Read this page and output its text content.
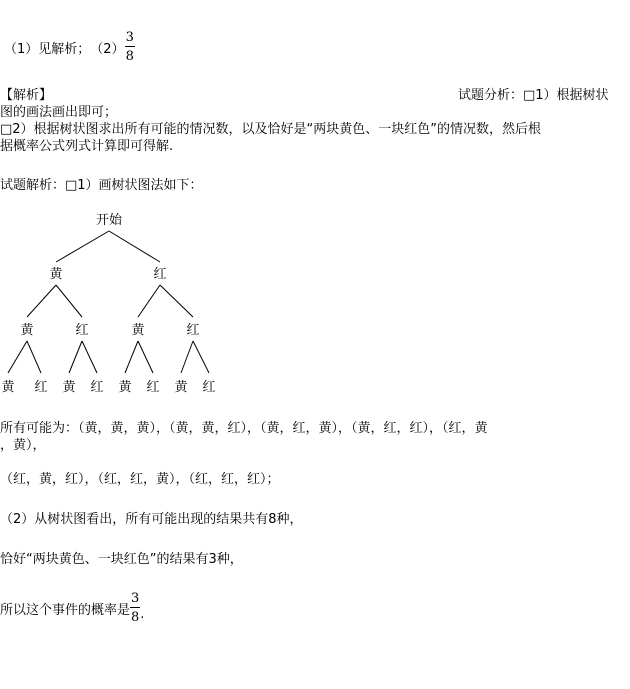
（1）见解析； $(2) \frac{3}{8}$
【解析】	试题分析：□1）根据树状
图的画法画出即可；
□2）根据树状图求出所有可能的情况数，以及恰好是“两块黄色、一块红色”的情况数，然后根
据概率公式列式计算即可得解.
试题解析：□1）画树状图法如下：
开始
黄	红
黄	红	黄	红
黄 红 黄 红 黄 红 黄 红
所有可能为：（黄，黄，黄），（黄，黄，红），（黄，红，黄），（黄，红，红），（红，黄
，黄），
（红，黄，红），（红，红，黄），（红，红，红）；
（2）从树状图看出，所有可能出现的结果共有8种，
恰好“两块黄色、一块红色”的结果有3种，
所以这个事件的概率是 $\frac{3}{8}$ .
